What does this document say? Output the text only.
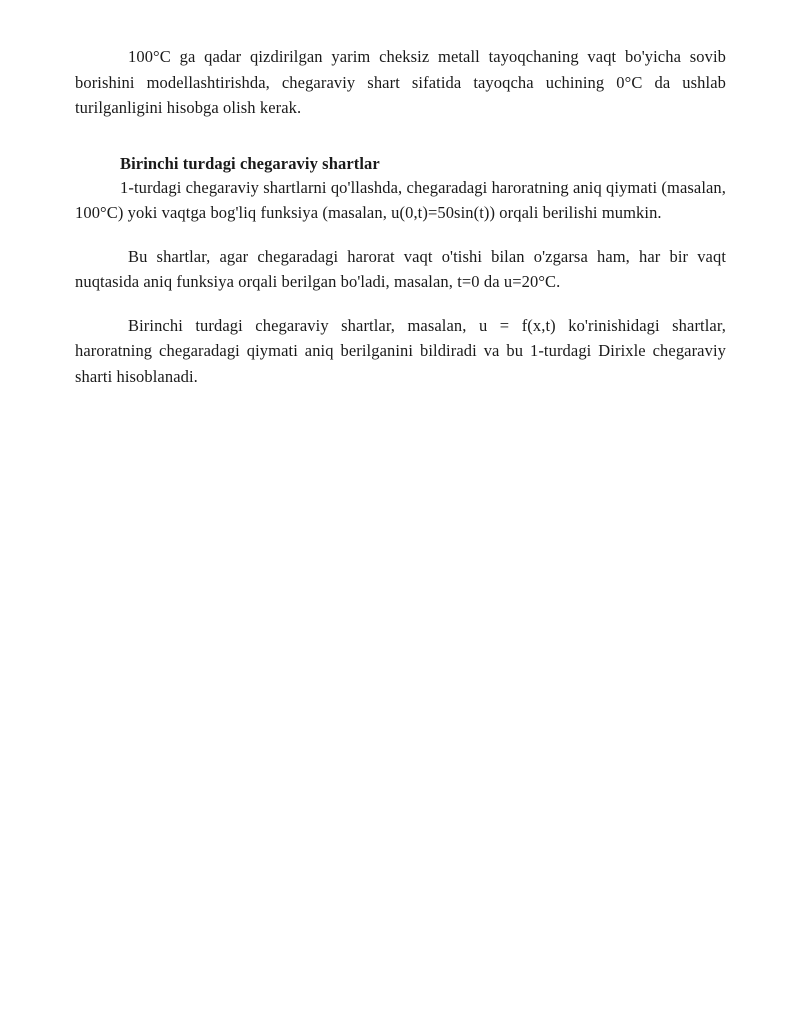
100°C ga qadar qizdirilgan yarim cheksiz metall tayoqchaning vaqt bo'yicha sovib borishini modellashtirishda, chegaraviy shart sifatida tayoqcha uchining 0°C da ushlab turilganligini hisobga olish kerak.

Birinchi turdagi chegaraviy shartlar

1-turdagi chegaraviy shartlarni qo'llashda, chegaradagi haroratning aniq qiymati (masalan, 100°C) yoki vaqtga bog'liq funksiya (masalan, u(0,t)=50sin(t)) orqali berilishi mumkin.

Bu shartlar, agar chegaradagi harorat vaqt o'tishi bilan o'zgarsa ham, har bir vaqt nuqtasida aniq funksiya orqali berilgan bo'ladi, masalan, t=0 da u=20°C.

Birinchi turdagi chegaraviy shartlar, masalan, u = f(x,t) ko'rinishidagi shartlar, haroratning chegaradagi qiymati aniq berilganini bildiradi va bu 1-turdagi Dirixle chegaraviy sharti hisoblanadi.
